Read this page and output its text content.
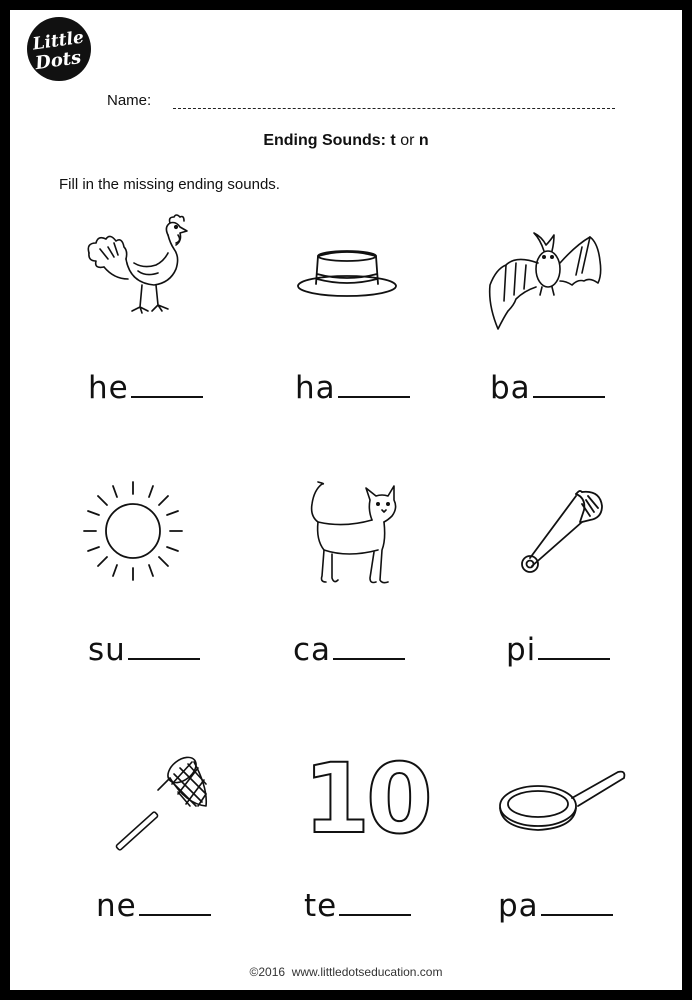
Little
Dots
Name:
Ending Sounds: t or n
Fill in the missing ending sounds.
he	ha	ba
su	ca	pi
10
ne	te	pa
©2016  www.littledotseducation.com
